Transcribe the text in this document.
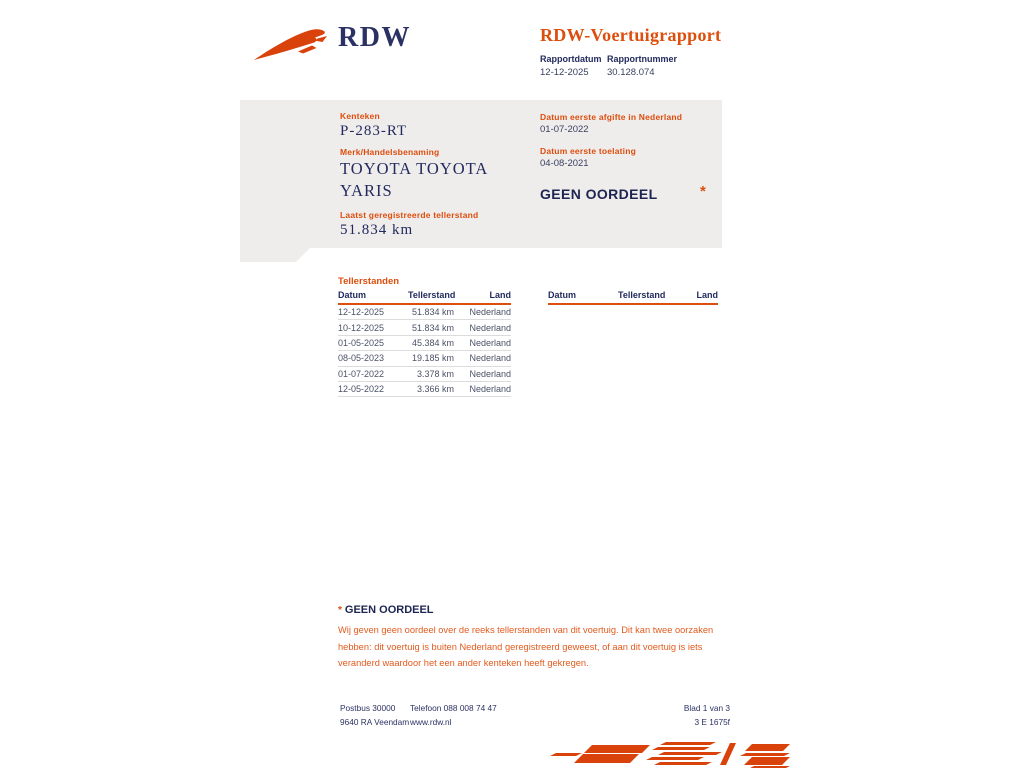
RDW	RDW-Voertuigrapport
Rapportdatum Rapportnummer
12-12-2025 30.128.074
Kenteken
P-283-RT
Merk/Handelsbenaming
TOYOTA TOYOTA YARIS
Laatst geregistreerde tellerstand
51.834 km
Datum eerste afgifte in Nederland
01-07-2022
Datum eerste toelating
04-08-2021
GEEN OORDEEL	*
Tellerstanden
Datum	Tellerstand	Land
12-12-2025	51.834 km	Nederland
10-12-2025	51.834 km	Nederland
01-05-2025	45.384 km	Nederland
08-05-2023	19.185 km	Nederland
01-07-2022	3.378 km	Nederland
12-05-2022	3.366 km	Nederland
Datum	Tellerstand	Land
* GEEN OORDEEL
Wij geven geen oordeel over de reeks tellerstanden van dit voertuig. Dit kan twee oorzaken hebben: dit voertuig is buiten Nederland geregistreerd geweest, of aan dit voertuig is iets veranderd waardoor het een ander kenteken heeft gekregen.
Postbus 30000
9640 RA Veendam
Telefoon 088 008 74 47
www.rdw.nl
Blad 1 van 3
3 E 1675f
